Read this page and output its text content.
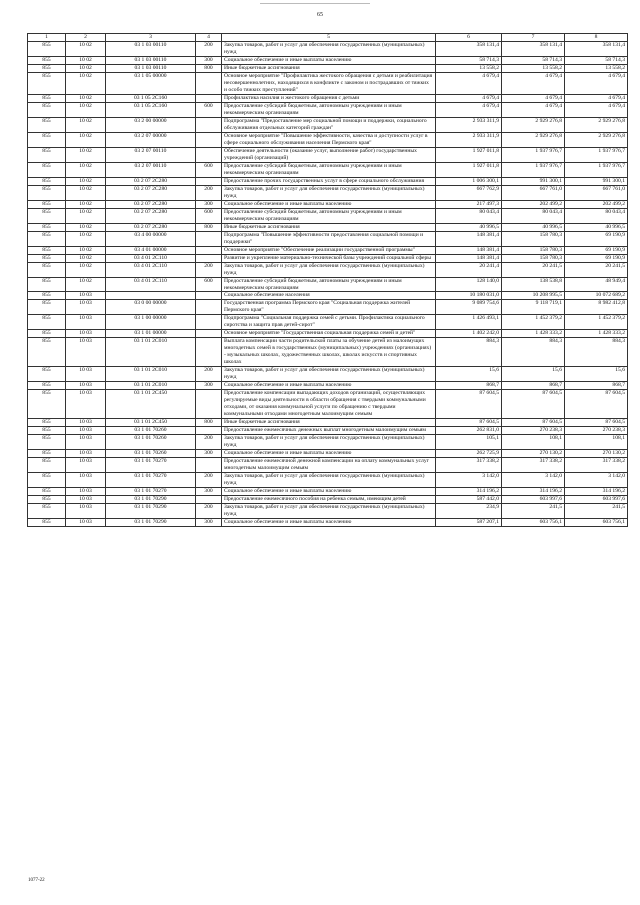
65
1	2	3	4	5	6	7	8
855	10 02	03 1 03 00110	200	Закупка товаров, работ и услуг для обеспечения государственных (муниципальных) нужд	358 131,4	358 131,4	358 131,4
855	10 02	03 1 03 00110	300	Социальное обеспечение и иные выплаты населению	58 714,3	58 714,3	58 714,3
855	10 02	03 1 03 00110	800	Иные бюджетные ассигнования	13 558,2	13 558,2	13 558,2
855	10 02	03 1 05 00000		Основное мероприятие "Профилактика жестокого обращения с детьми и реабилитация несовершеннолетних, находящихся в конфликте с законом и пострадавших от тяжких и особо тяжких преступлений"	4 679,4	4 679,4	4 679,4
855	10 02	03 1 05 2С160		Профилактика насилия и жестокого обращения с детьми	4 679,4	4 679,4	4 679,4
855	10 02	03 1 05 2С160	600	Предоставление субсидий бюджетным, автономным учреждениям и иным некоммерческим организациям	4 679,4	4 679,4	4 679,4
855	10 02	03 2 00 00000		Подпрограмма "Предоставление мер социальной помощи и поддержки, социального обслуживания отдельных категорий граждан"	2 933 311,9	2 929 276,8	2 929 276,8
855	10 02	03 2 07 00000		Основное мероприятие "Повышение эффективности, качества и доступности услуг в сфере социального обслуживания населения Пермского края"	2 933 311,9	2 929 276,8	2 929 276,8
855	10 02	03 2 07 00110		Обеспечение деятельности (оказание услуг, выполнение работ) государственных учреждений (организаций)	1 927 011,8	1 937 976,7	1 937 976,7
855	10 02	03 2 07 00110	600	Предоставление субсидий бюджетным, автономным учреждениям и иным некоммерческим организациям	1 927 011,8	1 937 976,7	1 937 976,7
855	10 02	03 2 07 2С280		Предоставление прочих государственных услуг в сфере социального обслуживания	1 006 300,1	991 300,1	991 300,1
855	10 02	03 2 07 2С280	200	Закупка товаров, работ и услуг для обеспечения государственных (муниципальных) нужд	667 762,9	667 761,0	667 761,0
855	10 02	03 2 07 2С280	300	Социальное обеспечение и иные выплаты населению	217 497,3	202 499,2	202 499,2
855	10 02	03 2 07 2С280	600	Предоставление субсидий бюджетным, автономным учреждениям и иным некоммерческим организациям	80 043,4	80 043,4	80 043,4
855	10 02	03 2 07 2С280	800	Иные бюджетные ассигнования	40 996,5	40 996,5	40 996,5
855	10 02	03 4 00 00000		Подпрограмма "Повышение эффективности предоставления социальной помощи и поддержки"	148 381,4	158 780,3	69 190,9
855	10 02	03 4 01 00000		Основное мероприятие "Обеспечение реализации государственной программы"	148 381,4	158 780,3	69 190,9
855	10 02	03 4 01 2С110		Развитие и укрепление материально-технической базы учреждений социальной сферы	148 381,4	158 780,3	69 190,9
855	10 02	03 4 01 2С110	200	Закупка товаров, работ и услуг для обеспечения государственных (муниципальных) нужд	20 241,4	20 241,5	20 241,5
855	10 02	03 4 01 2С110	600	Предоставление субсидий бюджетным, автономным учреждениям и иным некоммерческим организациям	128 140,0	138 538,8	48 949,4
855	10 03			Социальное обеспечение населения	10 180 031,0	10 208 995,5	10 072 689,2
855	10 03	03 0 00 00000		Государственная программа Пермского края "Социальная поддержка жителей Пермского края"	9 089 754,6	9 118 719,1	8 982 412,8
855	10 03	03 1 00 00000		Подпрограмма "Социальная поддержка семей с детьми. Профилактика социального сиротства и защита прав детей-сирот"	1 426 493,1	1 452 379,2	1 452 379,2
855	10 03	03 1 01 00000		Основное мероприятие "Государственная социальная поддержка семей и детей"	1 402 242,0	1 428 333,2	1 428 333,2
855	10 03	03 1 01 2С010		Выплата компенсации части родительской платы за обучение детей из малоимущих многодетных семей в государственных (муниципальных) учреждениях (организациях) - музыкальных школах, художественных школах, школах искусств и спортивных школах	884,3	884,3	884,3
855	10 03	03 1 01 2С010	200	Закупка товаров, работ и услуг для обеспечения государственных (муниципальных) нужд	15,6	15,6	15,6
855	10 03	03 1 01 2С010	300	Социальное обеспечение и иные выплаты населению	868,7	868,7	868,7
855	10 03	03 1 01 2С450		Предоставление компенсации выпадающих доходов организаций, осуществляющих регулируемые виды деятельности в области обращения с твердыми коммунальными отходами, от оказания коммунальной услуги по обращению с твердыми коммунальными отходами многодетным малоимущим семьям	87 604,5	87 604,5	87 604,5
855	10 03	03 1 01 2С450	800	Иные бюджетные ассигнования	87 604,5	87 604,5	87 604,5
855	10 03	03 1 01 70260		Предоставление ежемесячных денежных выплат многодетным малоимущим семьям	262 831,0	270 238,3	270 238,3
855	10 03	03 1 01 70260	200	Закупка товаров, работ и услуг для обеспечения государственных (муниципальных) нужд	105,1	108,1	108,1
855	10 03	03 1 01 70260	300	Социальное обеспечение и иные выплаты населению	262 725,9	270 130,2	270 130,2
855	10 03	03 1 01 70270		Предоставление ежемесячной денежной компенсации на оплату коммунальных услуг многодетным малоимущим семьям	317 338,2	317 338,2	317 338,2
855	10 03	03 1 01 70270	200	Закупка товаров, работ и услуг для обеспечения государственных (муниципальных) нужд	3 142,0	3 142,0	3 142,0
855	10 03	03 1 01 70270	300	Социальное обеспечение и иные выплаты населению	314 196,2	314 196,2	314 196,2
855	10 03	03 1 01 70290		Предоставление ежемесячного пособия на ребенка семьям, имеющим детей	587 442,0	603 997,6	603 997,6
855	10 03	03 1 01 70290	200	Закупка товаров, работ и услуг для обеспечения государственных (муниципальных) нужд	234,9	241,5	241,5
855	10 03	03 1 01 70290	300	Социальное обеспечение и иные выплаты населению	587 207,1	603 756,1	603 756,1
1077-22
